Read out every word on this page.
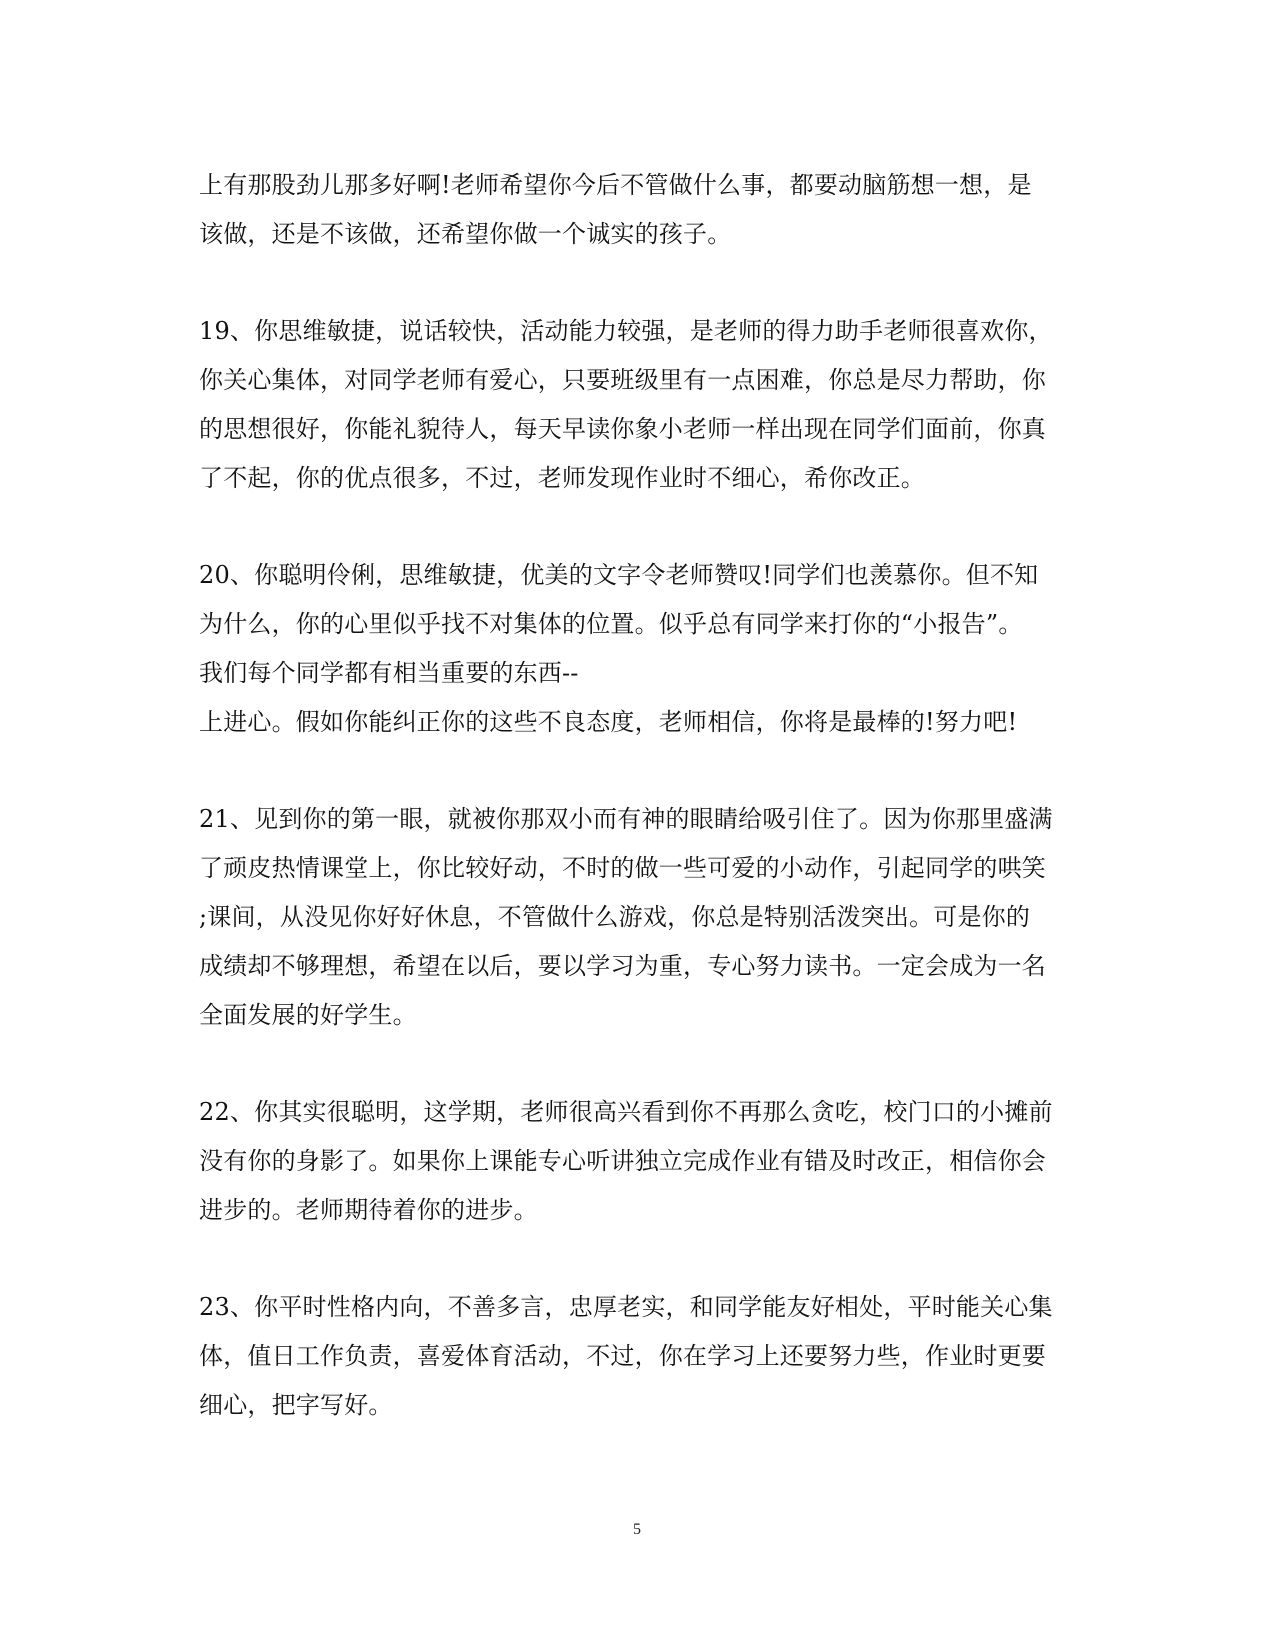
上有那股劲儿那多好啊!老师希望你今后不管做什么事，都要动脑筋想一想，是
该做，还是不该做，还希望你做一个诚实的孩子。
19、你思维敏捷，说话较快，活动能力较强，是老师的得力助手老师很喜欢你，
你关心集体，对同学老师有爱心，只要班级里有一点困难，你总是尽力帮助，你
的思想很好，你能礼貌待人，每天早读你象小老师一样出现在同学们面前，你真
了不起，你的优点很多，不过，老师发现作业时不细心，希你改正。
20、你聪明伶俐，思维敏捷，优美的文字令老师赞叹!同学们也羡慕你。但不知
为什么，你的心里似乎找不对集体的位置。似乎总有同学来打你的“小报告”。
我们每个同学都有相当重要的东西--
上进心。假如你能纠正你的这些不良态度，老师相信，你将是最棒的!努力吧!
21、见到你的第一眼，就被你那双小而有神的眼睛给吸引住了。因为你那里盛满
了顽皮热情课堂上，你比较好动，不时的做一些可爱的小动作，引起同学的哄笑
;课间，从没见你好好休息，不管做什么游戏，你总是特别活泼突出。可是你的
成绩却不够理想，希望在以后，要以学习为重，专心努力读书。一定会成为一名
全面发展的好学生。
22、你其实很聪明，这学期，老师很高兴看到你不再那么贪吃，校门口的小摊前
没有你的身影了。如果你上课能专心听讲独立完成作业有错及时改正，相信你会
进步的。老师期待着你的进步。
23、你平时性格内向，不善多言，忠厚老实，和同学能友好相处，平时能关心集
体，值日工作负责，喜爱体育活动，不过，你在学习上还要努力些，作业时更要
细心，把字写好。
5
